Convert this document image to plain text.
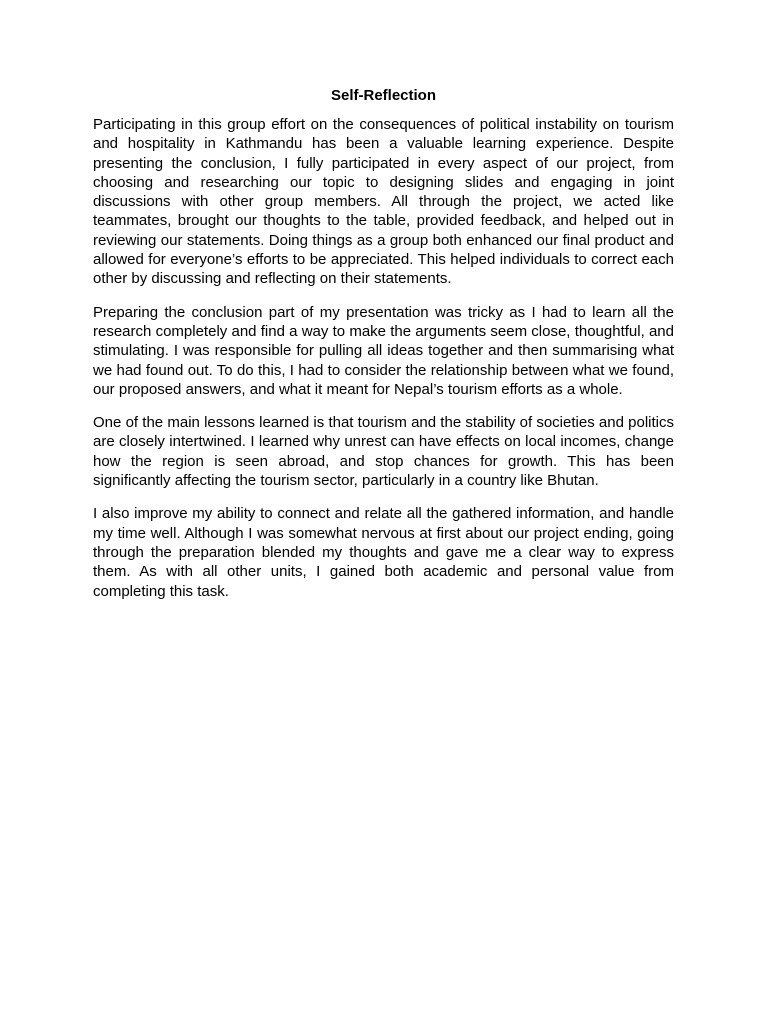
Self-Reflection

Participating in this group effort on the consequences of political instability on tourism and hospitality in Kathmandu has been a valuable learning experience. Despite presenting the conclusion, I fully participated in every aspect of our project, from choosing and researching our topic to designing slides and engaging in joint discussions with other group members. All through the project, we acted like teammates, brought our thoughts to the table, provided feedback, and helped out in reviewing our statements. Doing things as a group both enhanced our final product and allowed for everyone’s efforts to be appreciated. This helped individuals to correct each other by discussing and reflecting on their statements.

Preparing the conclusion part of my presentation was tricky as I had to learn all the research completely and find a way to make the arguments seem close, thoughtful, and stimulating. I was responsible for pulling all ideas together and then summarising what we had found out. To do this, I had to consider the relationship between what we found, our proposed answers, and what it meant for Nepal’s tourism efforts as a whole.

One of the main lessons learned is that tourism and the stability of societies and politics are closely intertwined. I learned why unrest can have effects on local incomes, change how the region is seen abroad, and stop chances for growth. This has been significantly affecting the tourism sector, particularly in a country like Bhutan.

I also improve my ability to connect and relate all the gathered information, and handle my time well. Although I was somewhat nervous at first about our project ending, going through the preparation blended my thoughts and gave me a clear way to express them. As with all other units, I gained both academic and personal value from completing this task.
